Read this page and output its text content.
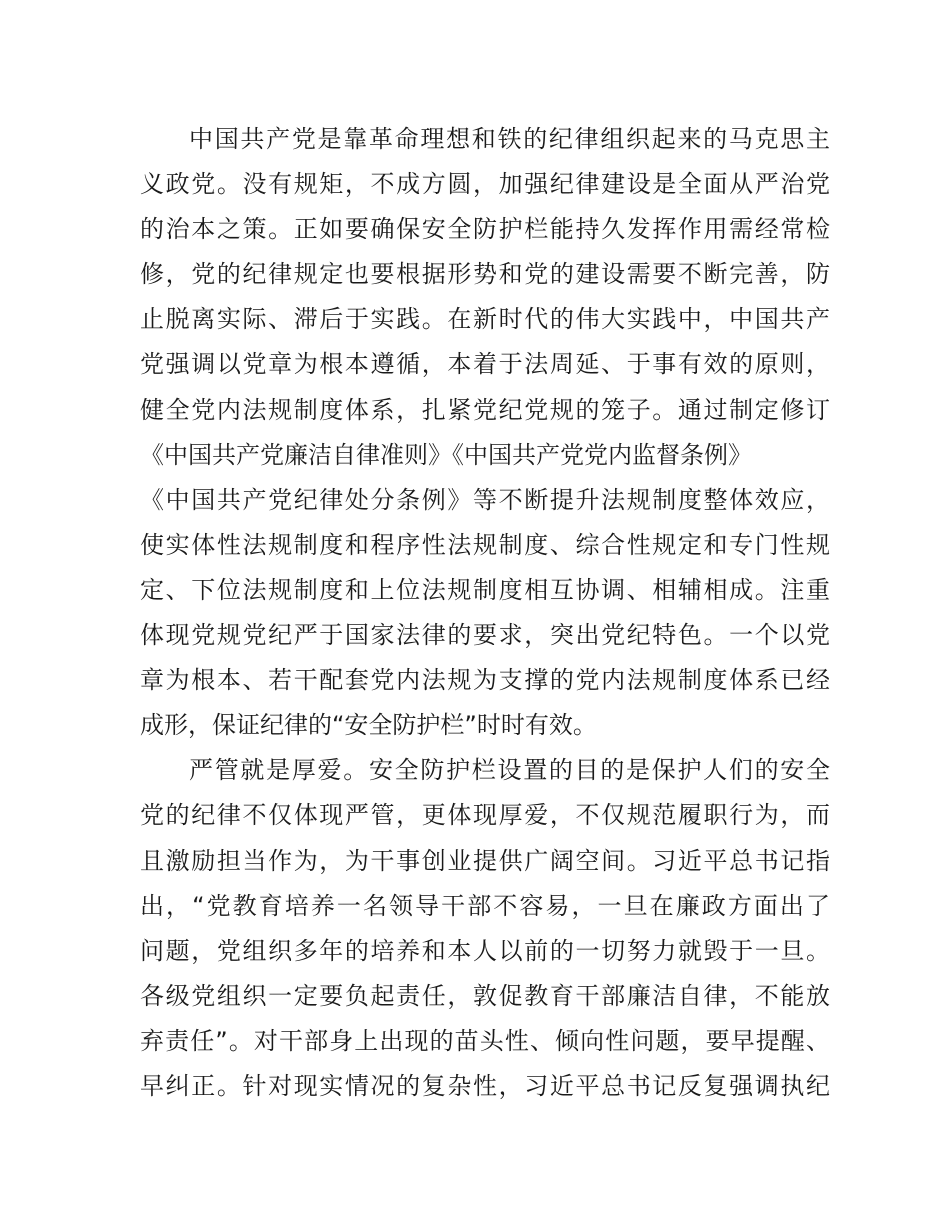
中国共产党是靠革命理想和铁的纪律组织起来的马克思主
义政党。没有规矩，不成方圆，加强纪律建设是全面从严治党
的治本之策。正如要确保安全防护栏能持久发挥作用需经常检
修，党的纪律规定也要根据形势和党的建设需要不断完善，防
止脱离实际、滞后于实践。在新时代的伟大实践中，中国共产
党强调以党章为根本遵循，本着于法周延、于事有效的原则，
健全党内法规制度体系，扎紧党纪党规的笼子。通过制定修订
《中国共产党廉洁自律准则》《中国共产党党内监督条例》
《中国共产党纪律处分条例》等不断提升法规制度整体效应，
使实体性法规制度和程序性法规制度、综合性规定和专门性规
定、下位法规制度和上位法规制度相互协调、相辅相成。注重
体现党规党纪严于国家法律的要求，突出党纪特色。一个以党
章为根本、若干配套党内法规为支撑的党内法规制度体系已经
成形，保证纪律的“安全防护栏”时时有效。
严管就是厚爱。安全防护栏设置的目的是保护人们的安全
党的纪律不仅体现严管，更体现厚爱，不仅规范履职行为，而
且激励担当作为，为干事创业提供广阔空间。习近平总书记指
出，“党教育培养一名领导干部不容易，一旦在廉政方面出了
问题，党组织多年的培养和本人以前的一切努力就毁于一旦。
各级党组织一定要负起责任，敦促教育干部廉洁自律，不能放
弃责任”。对干部身上出现的苗头性、倾向性问题，要早提醒、
早纠正。针对现实情况的复杂性，习近平总书记反复强调执纪
